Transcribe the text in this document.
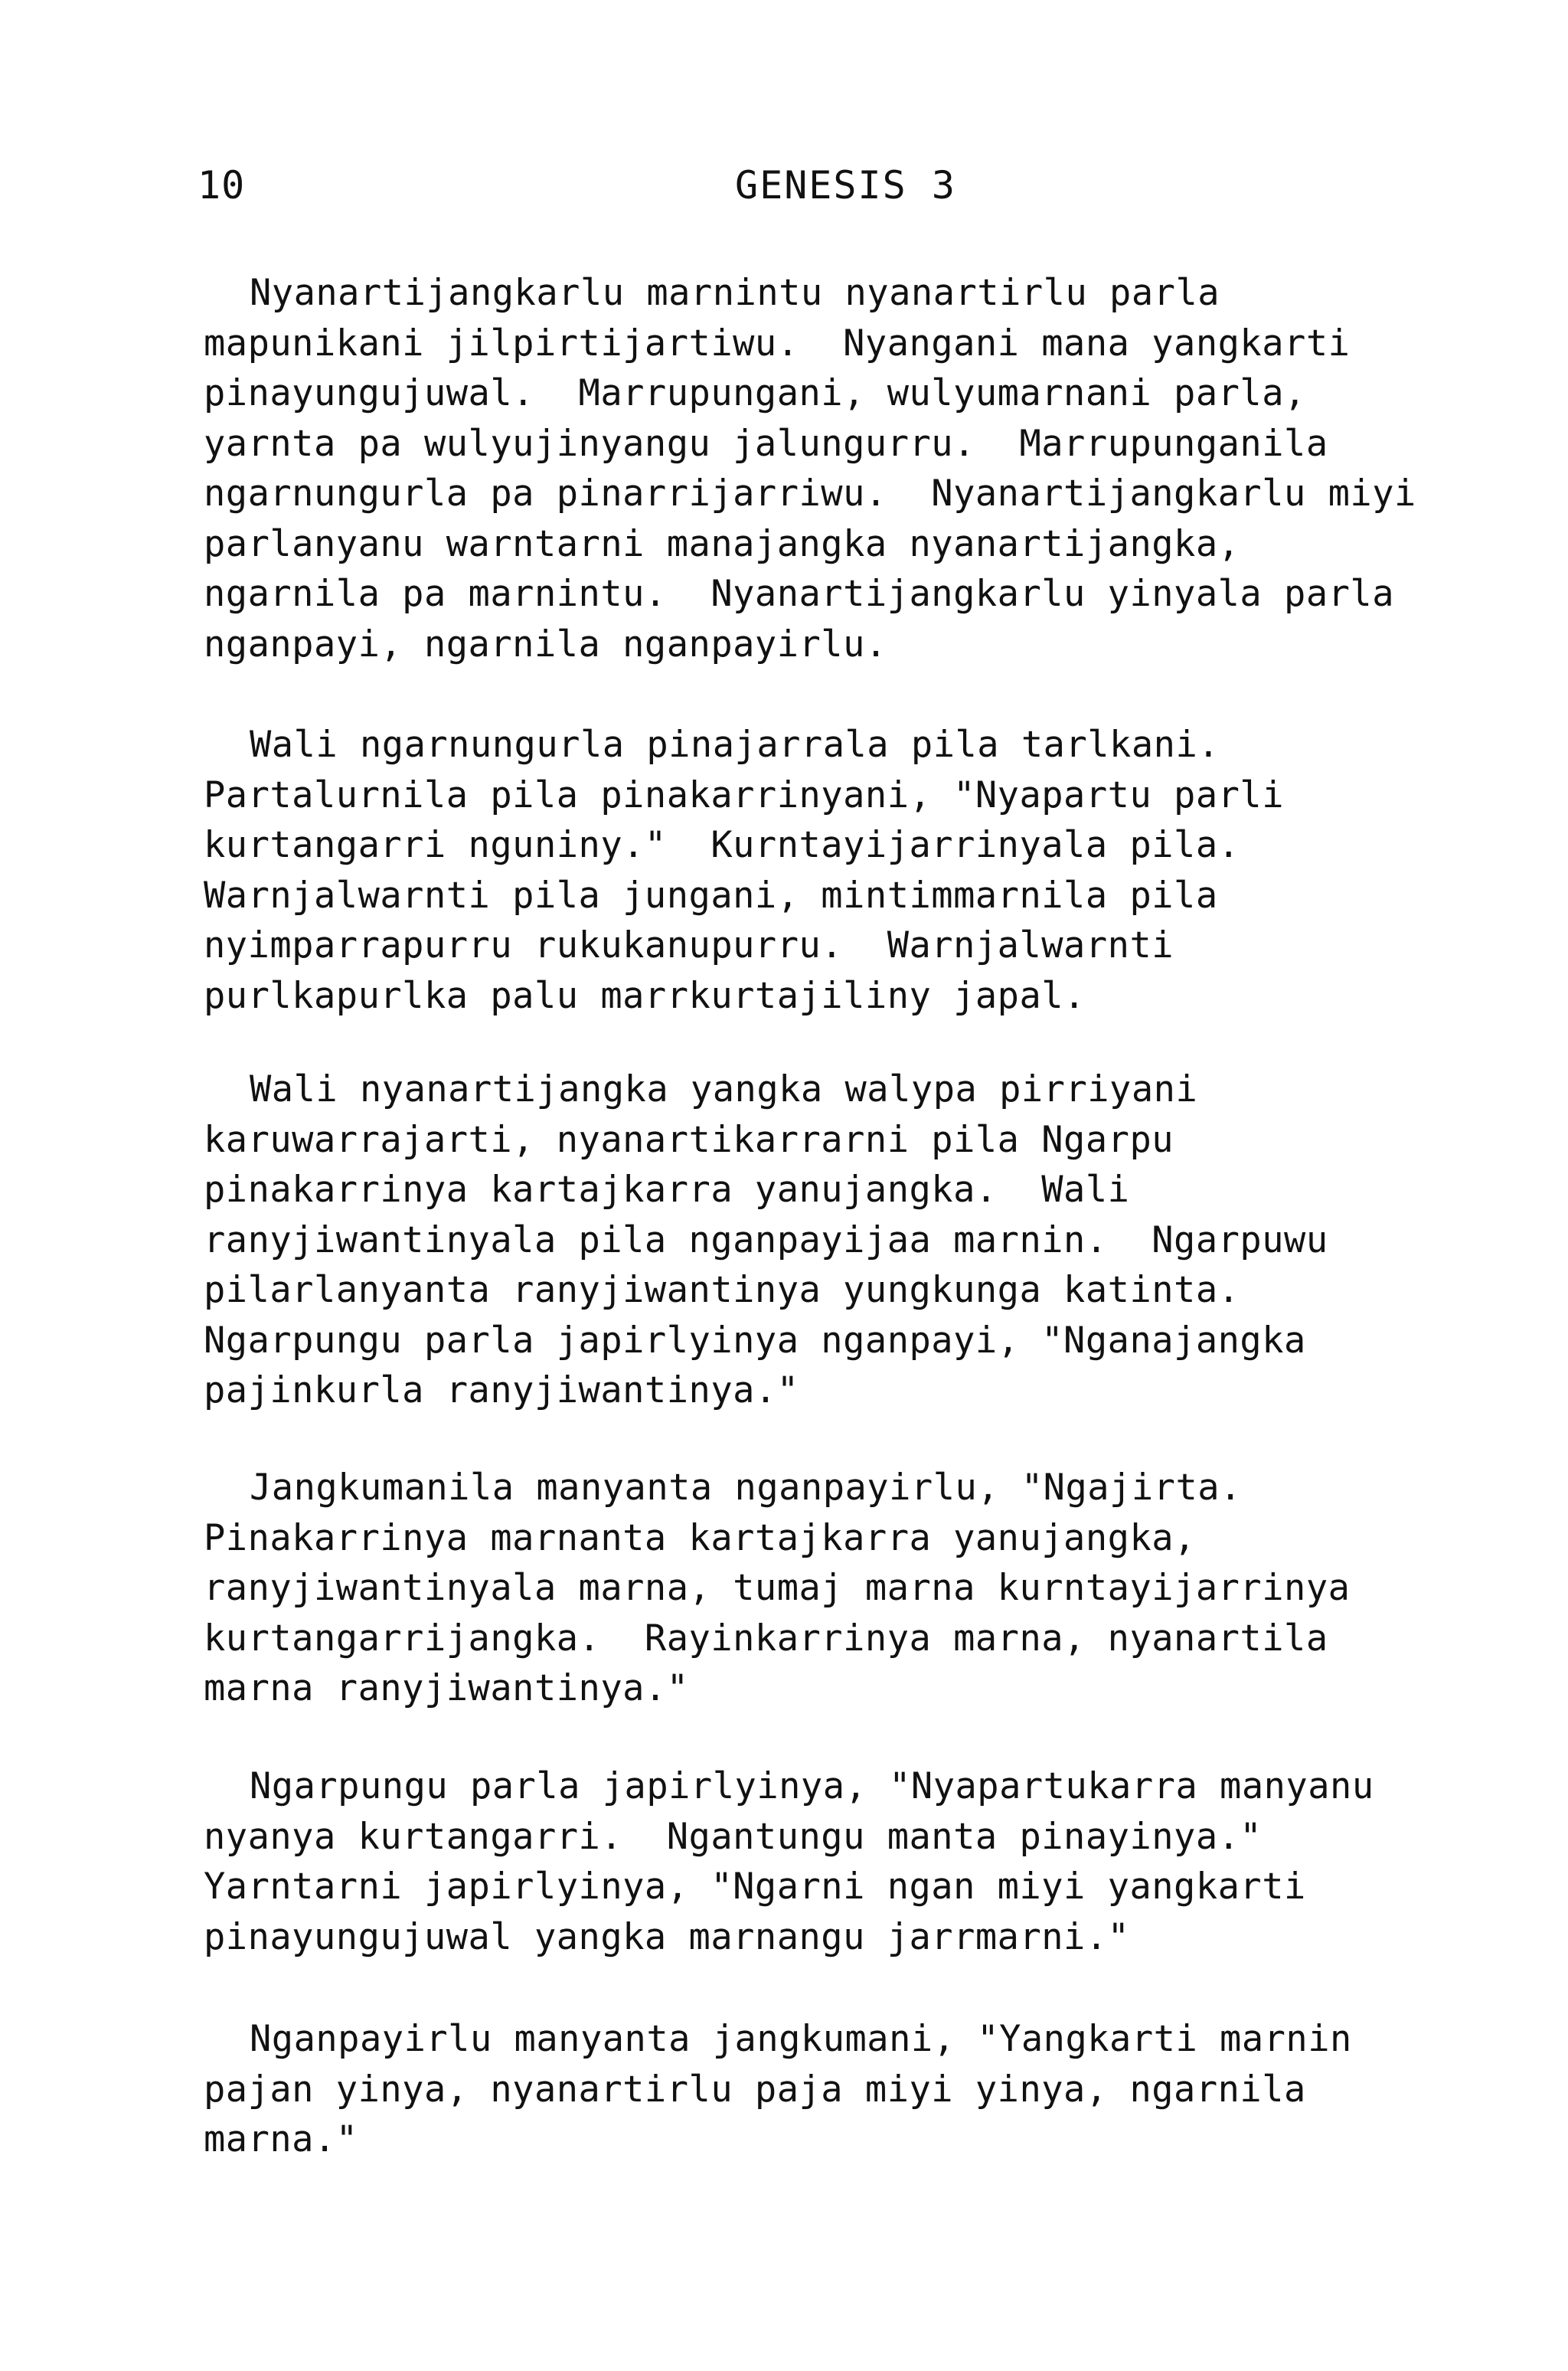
10	GENESIS 3

Nyanartijangkarlu marnintu nyanartirlu parla
mapunikani jilpirtijartiwu.  Nyangani mana yangkarti
pinayungujuwal.  Marrupungani, wulyumarnani parla,
yarnta pa wulyujinyangu jalungurru.  Marrupunganila
ngarnungurla pa pinarrijarriwu.  Nyanartijangkarlu miyi
parlanyanu warntarni manajangka nyanartijangka,
ngarnila pa marnintu.  Nyanartijangkarlu yinyala parla
nganpayi, ngarnila nganpayirlu.

Wali ngarnungurla pinajarrala pila tarlkani.
Partalurnila pila pinakarrinyani, "Nyapartu parli
kurtangarri nguniny."  Kurntayijarrinyala pila.
Warnjalwarnti pila jungani, mintimmarnila pila
nyimparrapurru rukukanupurru.  Warnjalwarnti
purlkapurlka palu marrkurtajiliny japal.

Wali nyanartijangka yangka walypa pirriyani
karuwarrajarti, nyanartikarrarni pila Ngarpu
pinakarrinya kartajkarra yanujangka.  Wali
ranyjiwantinyala pila nganpayijaa marnin.  Ngarpuwu
pilarlanyanta ranyjiwantinya yungkunga katinta.
Ngarpungu parla japirlyinya nganpayi, "Nganajangka
pajinkurla ranyjiwantinya."

Jangkumanila manyanta nganpayirlu, "Ngajirta.
Pinakarrinya marnanta kartajkarra yanujangka,
ranyjiwantinyala marna, tumaj marna kurntayijarrinya
kurtangarrijangka.  Rayinkarrinya marna, nyanartila
marna ranyjiwantinya."

Ngarpungu parla japirlyinya, "Nyapartukarra manyanu
nyanya kurtangarri.  Ngantungu manta pinayinya."
Yarntarni japirlyinya, "Ngarni ngan miyi yangkarti
pinayungujuwal yangka marnangu jarrmarni."

Nganpayirlu manyanta jangkumani, "Yangkarti marnin
pajan yinya, nyanartirlu paja miyi yinya, ngarnila
marna."
